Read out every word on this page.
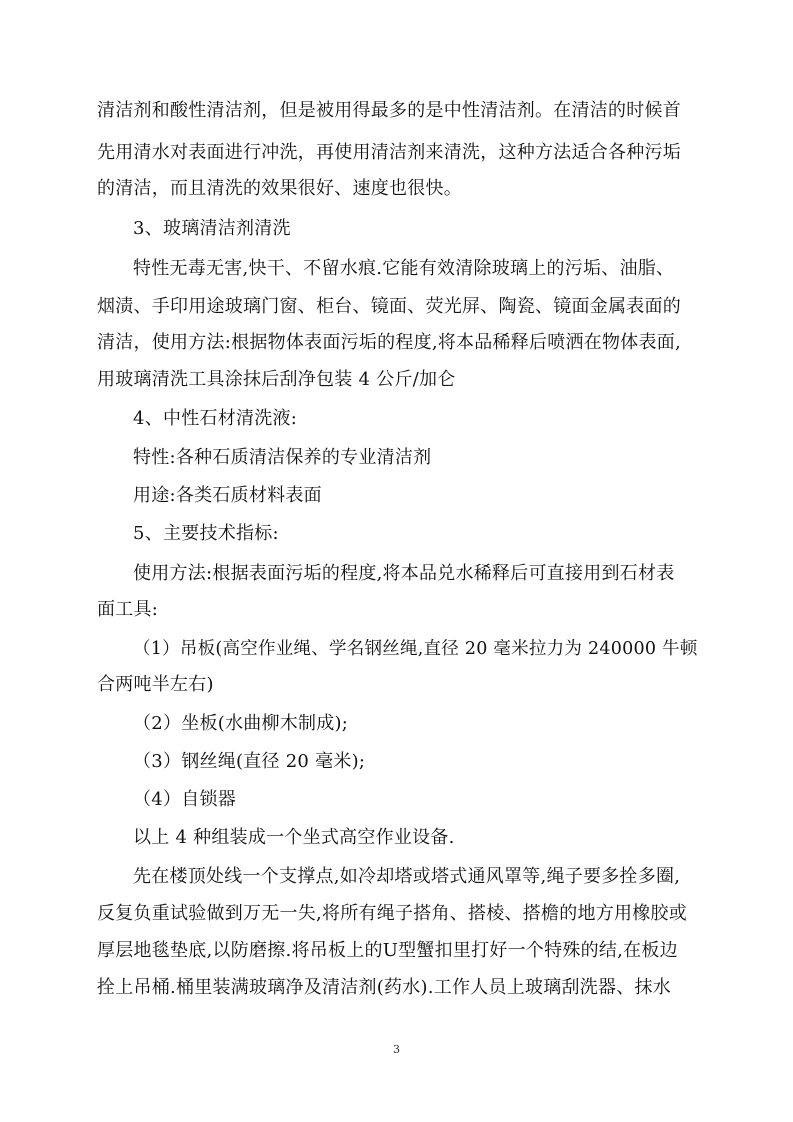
清洁剂和酸性清洁剂，但是被用得最多的是中性清洁剂。在清洁的时候首
先用清水对表面进行冲洗，再使用清洁剂来清洗，这种方法适合各种污垢
的清洁，而且清洗的效果很好、速度也很快。
3、玻璃清洁剂清洗
特性无毒无害,快干、不留水痕.它能有效清除玻璃上的污垢、油脂、
烟渍、手印用途玻璃门窗、柜台、镜面、荧光屏、陶瓷、镜面金属表面的
清洁，使用方法:根据物体表面污垢的程度,将本品稀释后喷洒在物体表面,
用玻璃清洗工具涂抹后刮净包装 4 公斤/加仑
4、中性石材清洗液:
特性:各种石质清洁保养的专业清洁剂
用途:各类石质材料表面
5、主要技术指标:
使用方法:根据表面污垢的程度,将本品兑水稀释后可直接用到石材表
面工具:
（1）吊板(高空作业绳、学名钢丝绳,直径 20 毫米拉力为 240000 牛顿
合两吨半左右)
（2）坐板(水曲柳木制成);
（3）钢丝绳(直径 20 毫米);
（4）自锁器
以上 4 种组装成一个坐式高空作业设备.
先在楼顶处线一个支撑点,如冷却塔或塔式通风罩等,绳子要多拴多圈,
反复负重试验做到万无一失,将所有绳子搭角、搭棱、搭檐的地方用橡胶或
厚层地毯垫底,以防磨擦.将吊板上的U型蟹扣里打好一个特殊的结,在板边
拴上吊桶.桶里装满玻璃净及清洁剂(药水).工作人员上玻璃刮洗器、抹水
3
